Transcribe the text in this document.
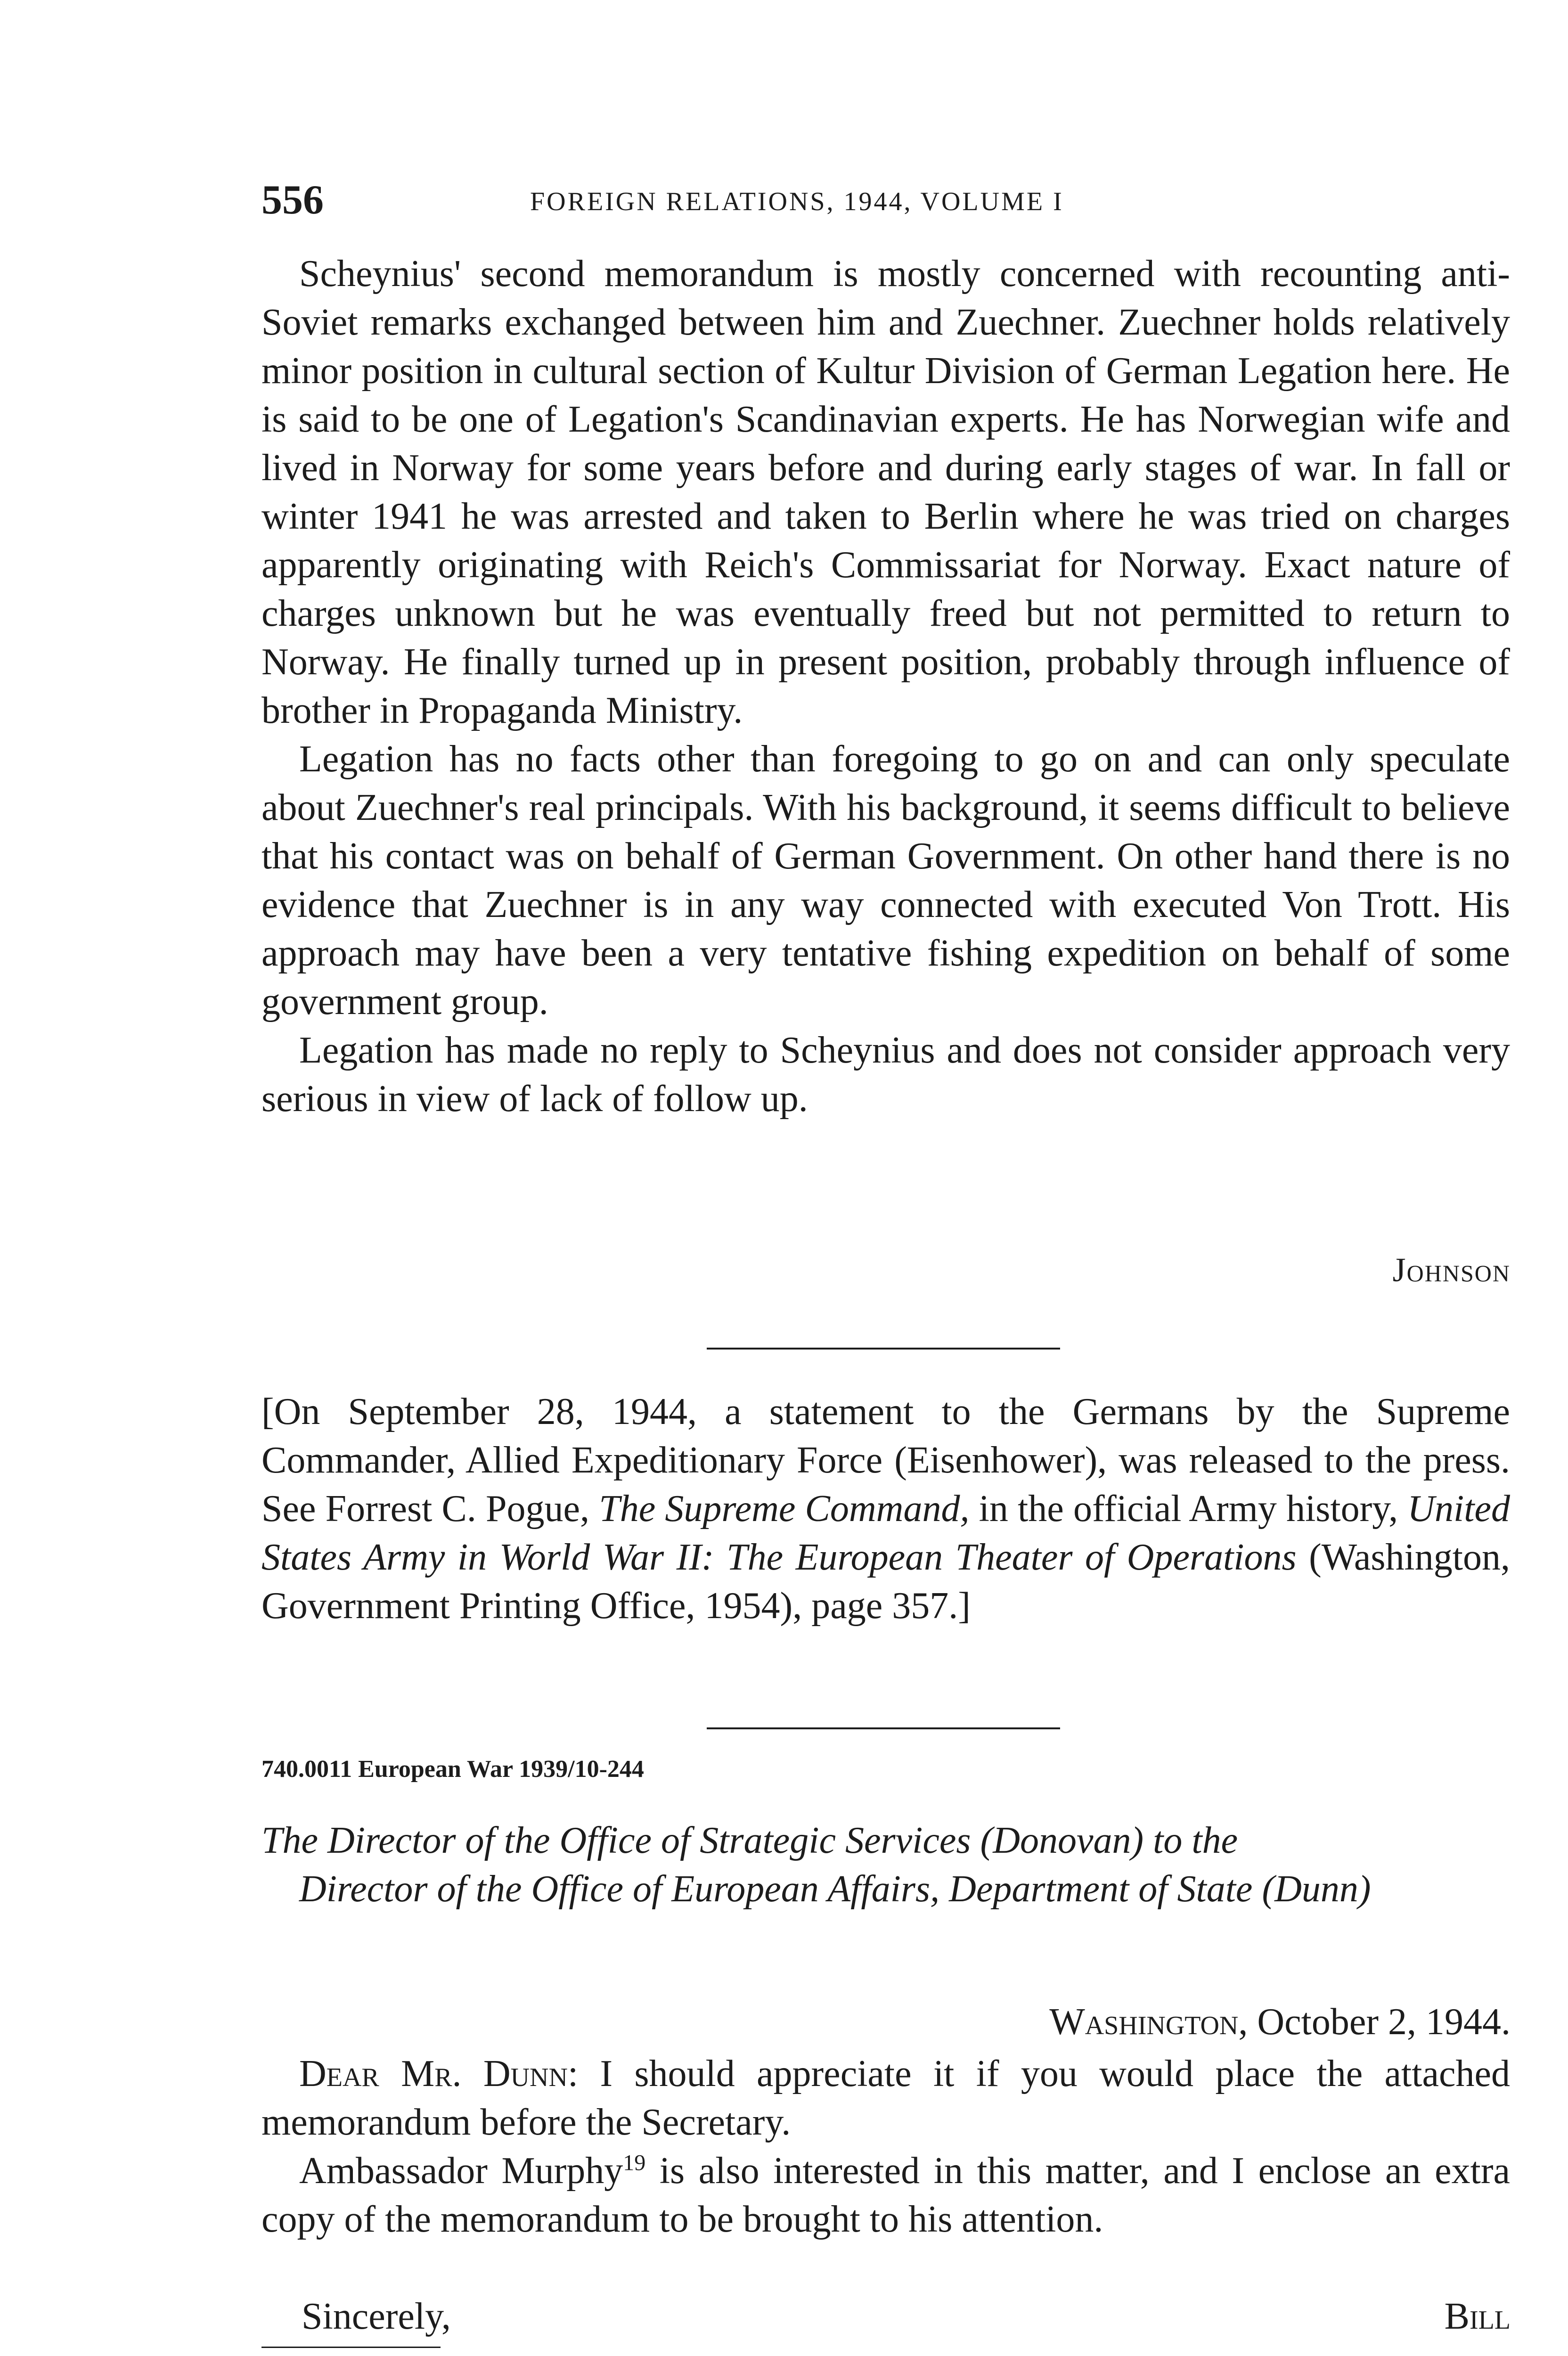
556	FOREIGN RELATIONS, 1944, VOLUME I

Scheynius' second memorandum is mostly concerned with recounting anti-Soviet remarks exchanged between him and Zuechner. Zuechner holds relatively minor position in cultural section of Kultur Division of German Legation here. He is said to be one of Legation's Scandinavian experts. He has Norwegian wife and lived in Norway for some years before and during early stages of war. In fall or winter 1941 he was arrested and taken to Berlin where he was tried on charges apparently originating with Reich's Commissariat for Norway. Exact nature of charges unknown but he was eventually freed but not permitted to return to Norway. He finally turned up in present position, probably through influence of brother in Propaganda Ministry.

Legation has no facts other than foregoing to go on and can only speculate about Zuechner's real principals. With his background, it seems difficult to believe that his contact was on behalf of German Government. On other hand there is no evidence that Zuechner is in any way connected with executed Von Trott. His approach may have been a very tentative fishing expedition on behalf of some government group.

Legation has made no reply to Scheynius and does not consider approach very serious in view of lack of follow up.

Johnson
[On September 28, 1944, a statement to the Germans by the Supreme Commander, Allied Expeditionary Force (Eisenhower), was released to the press. See Forrest C. Pogue, The Supreme Command, in the official Army history, United States Army in World War II: The European Theater of Operations (Washington, Government Printing Office, 1954), page 357.]
740.0011 European War 1939/10-244
The Director of the Office of Strategic Services (Donovan) to the
Director of the Office of European Affairs, Department of State (Dunn)
Washington, October 2, 1944.

Dear Mr. Dunn: I should appreciate it if you would place the attached memorandum before the Secretary.

Ambassador Murphy$^{19}$ is also interested in this matter, and I enclose an extra copy of the memorandum to be brought to his attention.

Sincerely,	Bill
